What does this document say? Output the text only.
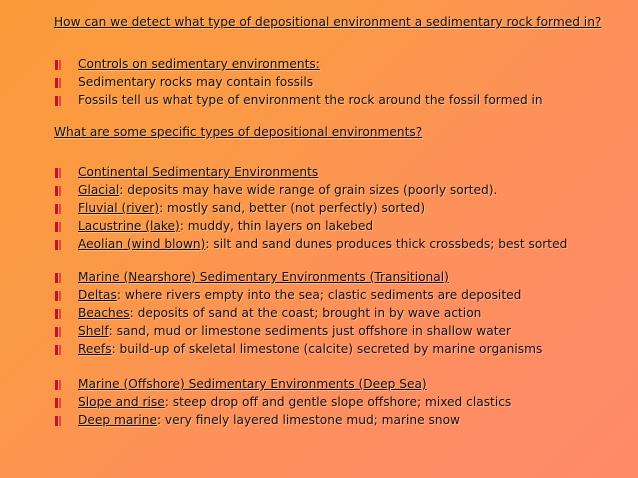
How can we detect what type of depositional environment a sedimentary rock formed in?
Controls on sedimentary environments:
Sedimentary rocks may contain fossils
Fossils tell us what type of environment the rock around the fossil formed in
What are some specific types of depositional environments?
Continental Sedimentary Environments
Glacial : deposits may have wide range of grain sizes (poorly sorted).
Fluvial (river) : mostly sand, better (not perfectly) sorted)
Lacustrine (lake) : muddy, thin layers on lakebed
Aeolian (wind blown) : silt and sand dunes produces thick crossbeds; best sorted
Marine (Nearshore) Sedimentary Environments (Transitional)
Deltas : where rivers empty into the sea; clastic sediments are deposited
Beaches : deposits of sand at the coast; brought in by wave action
Shelf : sand, mud or limestone sediments just offshore in shallow water
Reefs : build-up of skeletal limestone (calcite) secreted by marine organisms
Marine (Offshore) Sedimentary Environments (Deep Sea)
Slope and rise : steep drop off and gentle slope offshore; mixed clastics
Deep marine : very finely layered limestone mud; marine snow
